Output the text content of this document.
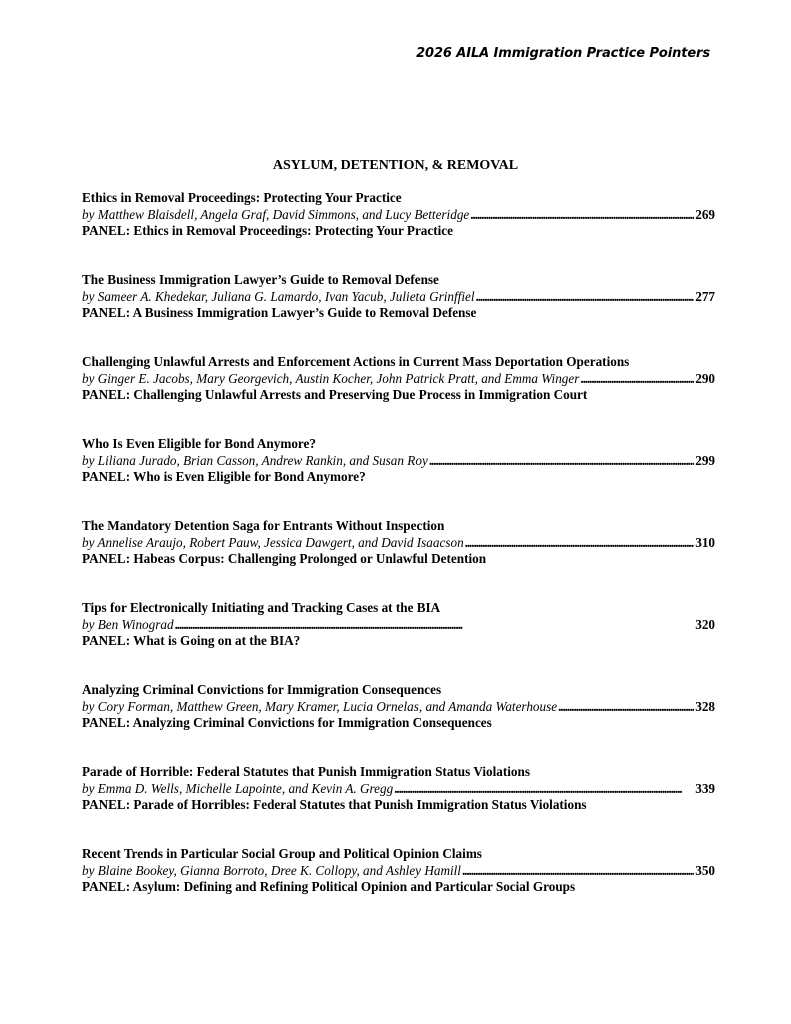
2026 AILA Immigration Practice Pointers
ASYLUM, DETENTION, & REMOVAL
Ethics in Removal Proceedings: Protecting Your Practice
by Matthew Blaisdell, Angela Graf, David Simmons, and Lucy Betteridge . . .	269
PANEL: Ethics in Removal Proceedings: Protecting Your Practice
The Business Immigration Lawyer’s Guide to Removal Defense
by Sameer A. Khedekar, Juliana G. Lamardo, Ivan Yacub, Julieta Grinffiel . . .	277
PANEL: A Business Immigration Lawyer’s Guide to Removal Defense
Challenging Unlawful Arrests and Enforcement Actions in Current Mass Deportation Operations
by Ginger E. Jacobs, Mary Georgevich, Austin Kocher, John Patrick Pratt, and Emma Winger . . .	290
PANEL: Challenging Unlawful Arrests and Preserving Due Process in Immigration Court
Who Is Even Eligible for Bond Anymore?
by Liliana Jurado, Brian Casson, Andrew Rankin, and Susan Roy . . .	299
PANEL: Who is Even Eligible for Bond Anymore?
The Mandatory Detention Saga for Entrants Without Inspection
by Annelise Araujo, Robert Pauw, Jessica Dawgert, and David Isaacson . . .	310
PANEL: Habeas Corpus: Challenging Prolonged or Unlawful Detention
Tips for Electronically Initiating and Tracking Cases at the BIA
by Ben Winograd . . .	320
PANEL: What is Going on at the BIA?
Analyzing Criminal Convictions for Immigration Consequences
by Cory Forman, Matthew Green, Mary Kramer, Lucia Ornelas, and Amanda Waterhouse . . .	328
PANEL: Analyzing Criminal Convictions for Immigration Consequences
Parade of Horrible: Federal Statutes that Punish Immigration Status Violations
by Emma D. Wells, Michelle Lapointe, and Kevin A. Gregg . . .	339
PANEL: Parade of Horribles: Federal Statutes that Punish Immigration Status Violations
Recent Trends in Particular Social Group and Political Opinion Claims
by Blaine Bookey, Gianna Borroto, Dree K. Collopy, and Ashley Hamill . . .	350
PANEL: Asylum: Defining and Refining Political Opinion and Particular Social Groups
